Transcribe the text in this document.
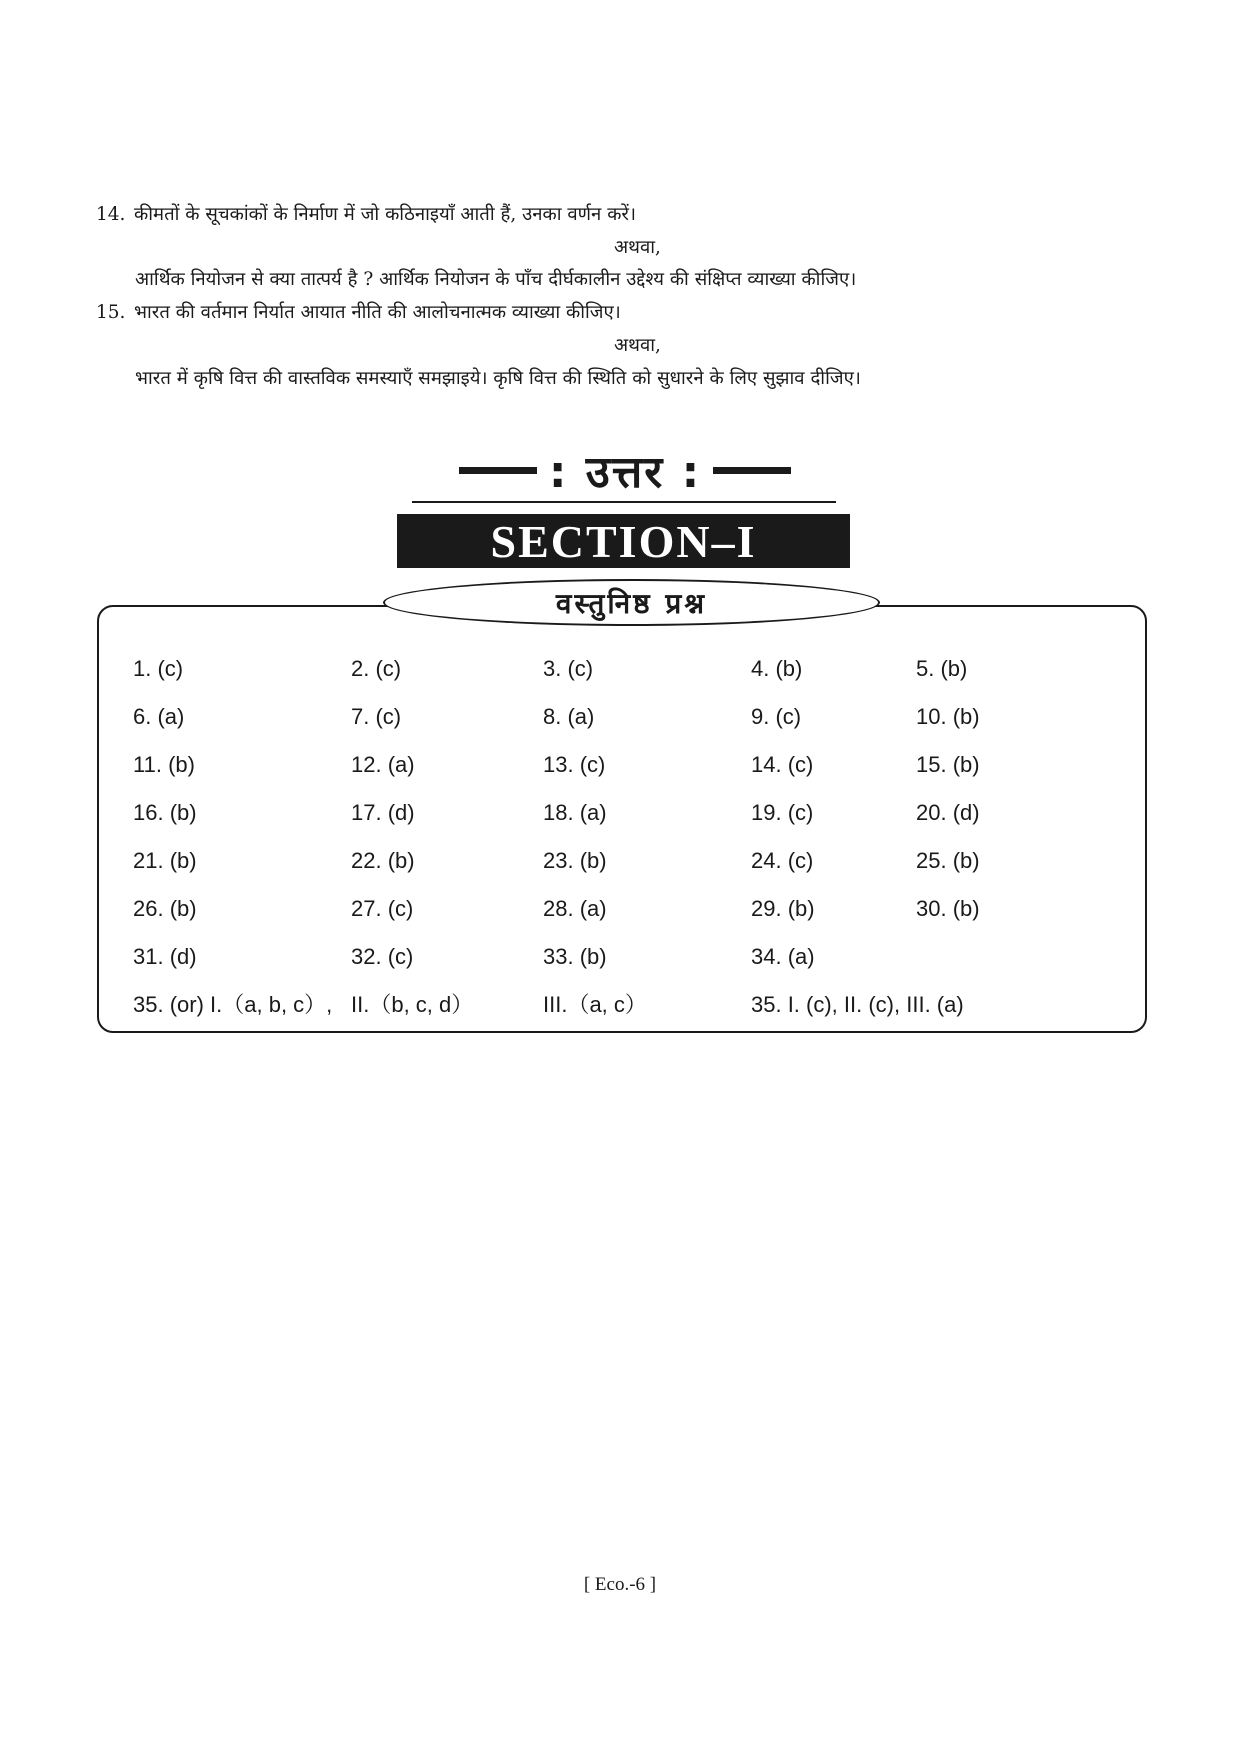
14. कीमतों के सूचकांकों के निर्माण में जो कठिनाइयाँ आती हैं, उनका वर्णन करें।
अथवा,
आर्थिक नियोजन से क्या तात्पर्य है ? आर्थिक नियोजन के पाँच दीर्घकालीन उद्देश्य की संक्षिप्त व्याख्या कीजिए।
15. भारत की वर्तमान निर्यात आयात नीति की आलोचनात्मक व्याख्या कीजिए।
अथवा,
भारत में कृषि वित्त की वास्तविक समस्याएँ समझाइये। कृषि वित्त की स्थिति को सुधारने के लिए सुझाव दीजिए।
: उत्तर :
SECTION–I
वस्तुनिष्ठ प्रश्न
1. (c)	2. (c)	3. (c)	4. (b)	5. (b)
6. (a)	7. (c)	8. (a)	9. (c)	10. (b)
11. (b)	12. (a)	13. (c)	14. (c)	15. (b)
16. (b)	17. (d)	18. (a)	19. (c)	20. (d)
21. (b)	22. (b)	23. (b)	24. (c)	25. (b)
26. (b)	27. (c)	28. (a)	29. (b)	30. (b)
31. (d)	32. (c)	33. (b)	34. (a)
35. (or) I.（a, b, c）, II.（b, c, d）	III.（a, c）	35. I. (c), II. (c), III. (a)
[ Eco.-6 ]
